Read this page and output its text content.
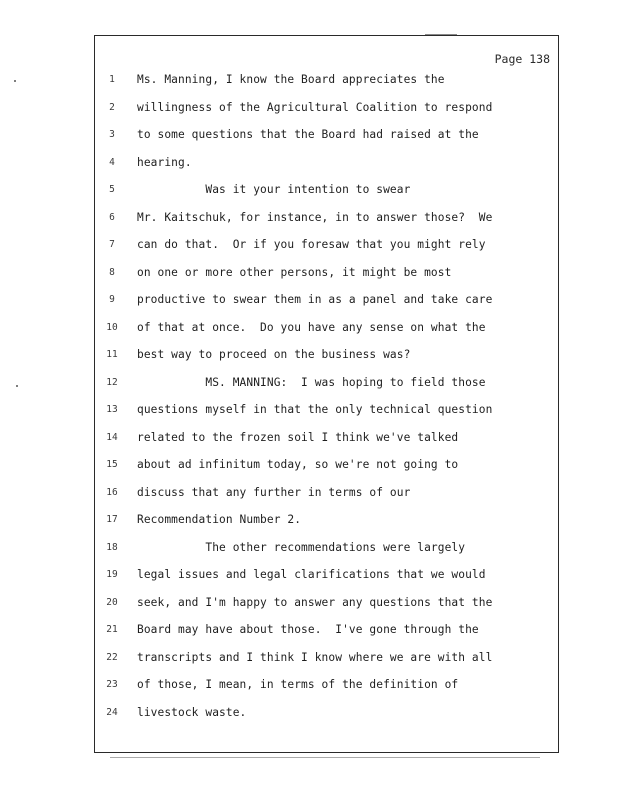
Page 138
1	Ms. Manning, I know the Board appreciates the
2	willingness of the Agricultural Coalition to respond
3	to some questions that the Board had raised at the
4	hearing.
5	Was it your intention to swear
6	Mr. Kaitschuk, for instance, in to answer those?  We
7	can do that.  Or if you foresaw that you might rely
8	on one or more other persons, it might be most
9	productive to swear them in as a panel and take care
10	of that at once.  Do you have any sense on what the
11	best way to proceed on the business was?
12	MS. MANNING:  I was hoping to field those
13	questions myself in that the only technical question
14	related to the frozen soil I think we've talked
15	about ad infinitum today, so we're not going to
16	discuss that any further in terms of our
17	Recommendation Number 2.
18	The other recommendations were largely
19	legal issues and legal clarifications that we would
20	seek, and I'm happy to answer any questions that the
21	Board may have about those.  I've gone through the
22	transcripts and I think I know where we are with all
23	of those, I mean, in terms of the definition of
24	livestock waste.
